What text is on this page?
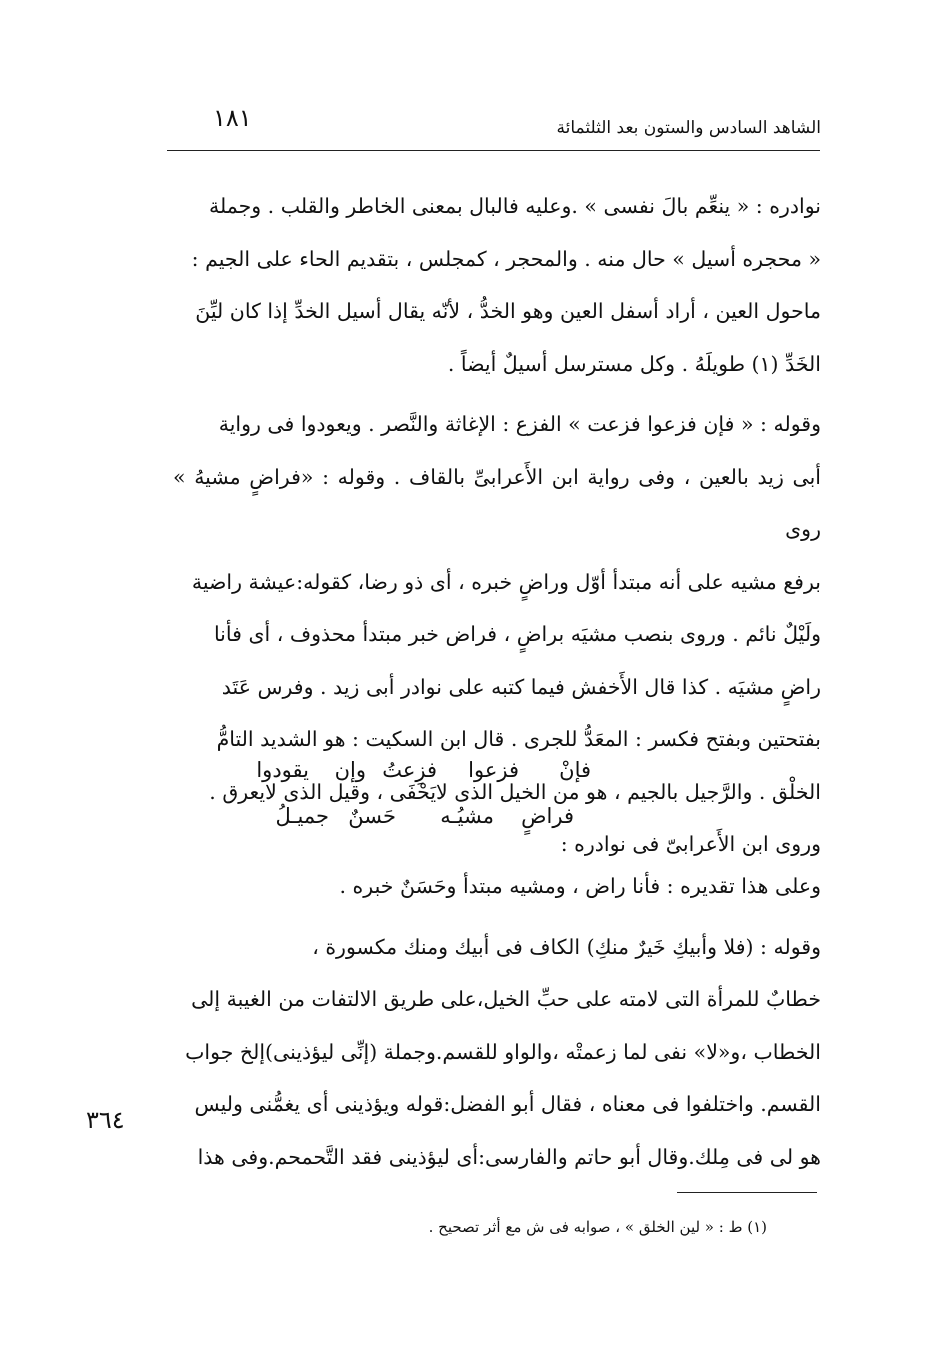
الشاهد السادس والستون بعد الثلثمائة
١٨١

نوادره : « ينعِّم بالَ نفسى » .وعليه فالبال بمعنى الخاطر والقلب . وجملة

« محجره أسيل » حال منه . والمحجر ، كمجلس ، بتقديم الحاء على الجيم :

ماحول العين ، أراد أسفل العين وهو الخدُّ ، لأنّه يقال أسيل الخدِّ إذا كان ليِّنَ

الخَدِّ (١) طويلَهُ . وكل مسترسل أسيلٌ أيضاً .

وقوله : « فإن فزعوا فزعت » الفزع : الإغاثة والنَّصر . ويعودوا فى رواية

أبى زيد بالعين ، وفى رواية ابن الأَعرابىِّ بالقاف . وقوله : «فراضٍ مشيهُ » روى

برفع مشيه على أنه مبتدأ أوّل وراضٍ خبره ، أى ذو رضا، كقوله:عيشة راضية

ولَيْلٌ نائم . وروى بنصب مشيَه براضٍ ، فراض خبر مبتدأ محذوف ، أى فأنا

راضٍ مشيَه . كذا قال الأَخفش فيما كتبه على نوادر أبى زيد . وفرس عَتَد

بفتحتين وبفتح فكسر : المعَدُّ للجرى . قال ابن السكيت : هو الشديد التامُّ

الخلْق . والرَّجيل بالجيم ، هو من الخيل الذى لايَحْفَى ، وقيل الذى لايعرق .

وروى ابن الأَعرابىّ فى نوادره :

فإنْ
فزعوا
فزِعتُ
وإن
يقودوا
فراضٍ
مشيُـه
حَسنٌ
جميـلُ

وعلى هذا تقديره : فأنا راض ، ومشيه مبتدأ وحَسَنٌ خبره .

وقوله : (فلا وأبيكِ خَيرٌ منكِ) الكاف فى أبيك ومنك مكسورة ،

خطابٌ للمرأة التى لامته على حبِّ الخيل،على طريق الالتفات من الغيبة إلى

الخطاب ،و«لا» نفى لما زعمتْه ،والواو للقسم.وجملة (إنِّى ليؤذينى)إلخ جواب

القسم. واختلفوا فى معناه ، فقال أبو الفضل:قوله ويؤذينى أى يغمُّنى وليس

هو لى فى مِلك.وقال أبو حاتم والفارسى:أى ليؤذينى فقد التَّحمحم.وفى هذا

٣٦٤
(١) ط : « لين الخلق » ، صوابه فى ش مع أثر تصحيح .
